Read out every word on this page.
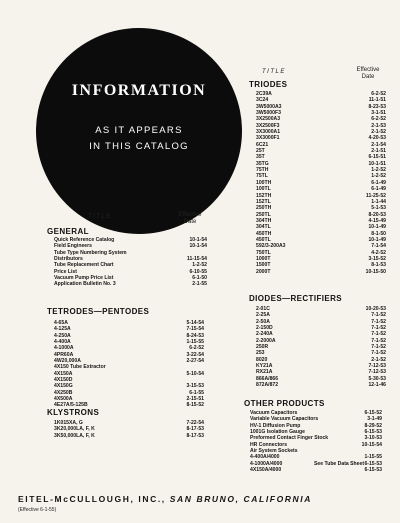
INFORMATION
AS IT APPEARS
IN THIS CATALOG
TITLE	Effective
Date
TITLE	Effective
Date
GENERAL
Quick Reference Catalog	10-1-54
Field Engineers	10-1-54
Tube Type Numbering System
Distributors	11-15-54
Tube Replacement Chart	1-2-52
Price List	6-10-55
Vacuum Pump Price List	6-1-50
Application Bulletin No. 3	2-1-55
TETRODES—PENTODES
4-65A	5-14-54
4-125A	7-15-54
4-250A	8-24-53
4-400A	1-15-55
4-1000A	6-2-52
4PR60A	3-22-54
4W20,000A	2-27-54
4X150 Tube Extractor
4X150A	5-10-54
4X150D
4X150G	3-15-53
4X250B	6-1-55
4X500A	2-15-51
4E27A/5-125B	8-15-52
KLYSTRONS
1K015XA, G	7-22-54
3K20,000LA, F, K	8-17-53
3K50,000LA, F, K	8-17-53
TRIODES
2C39A	6-2-52
3C24	11-1-51
3W5000A3	8-23-53
3W5000F3	3-1-51
3X2500A3	6-2-52
3X2500F3	2-1-53
3X3000A1	2-1-52
3X3000F1	4-20-53
6C21	2-1-54
25T	2-1-51
35T	6-15-51
35TG	10-1-51
75TH	1-2-52
75TL	1-2-52
100TH	6-1-49
100TL	6-1-49
152TH	11-25-52
152TL	1-1-44
250TH	5-1-53
250TL	8-20-53
304TH	4-15-49
304TL	10-1-49
450TH	8-1-50
450TL	10-1-49
592/3-200A3	7-1-54
750TL	4-2-52
1000T	3-15-52
1500T	8-1-53
2000T	10-15-50
DIODES—RECTIFIERS
2-01C	10-20-53
2-25A	7-1-52
2-50A	7-1-52
2-150D	7-1-52
2-240A	7-1-52
2-2000A	7-1-52
250R	7-1-52
253	7-1-52
8020	2-1-52
KY21A	7-12-53
RX21A	7-12-53
866A/866	5-30-53
872A/872	12-1-46
OTHER PRODUCTS
Vacuum Capacitors	6-15-52
Variable Vacuum Capacitors	3-1-49
HV-1 Diffusion Pump	8-29-52
1001G Isolation Gauge	6-15-53
Preformed Contact Finger Stock	3-10-53
HR Connectors	10-15-54
Air System Sockets
4-400A/4000	1-15-55
4-1000A/4000	See Tube Data Sheet 6-15-53
4X150A/4000	6-15-53
EITEL-McCULLOUGH, INC., SAN BRUNO, CALIFORNIA
(Effective 6-1-55)
